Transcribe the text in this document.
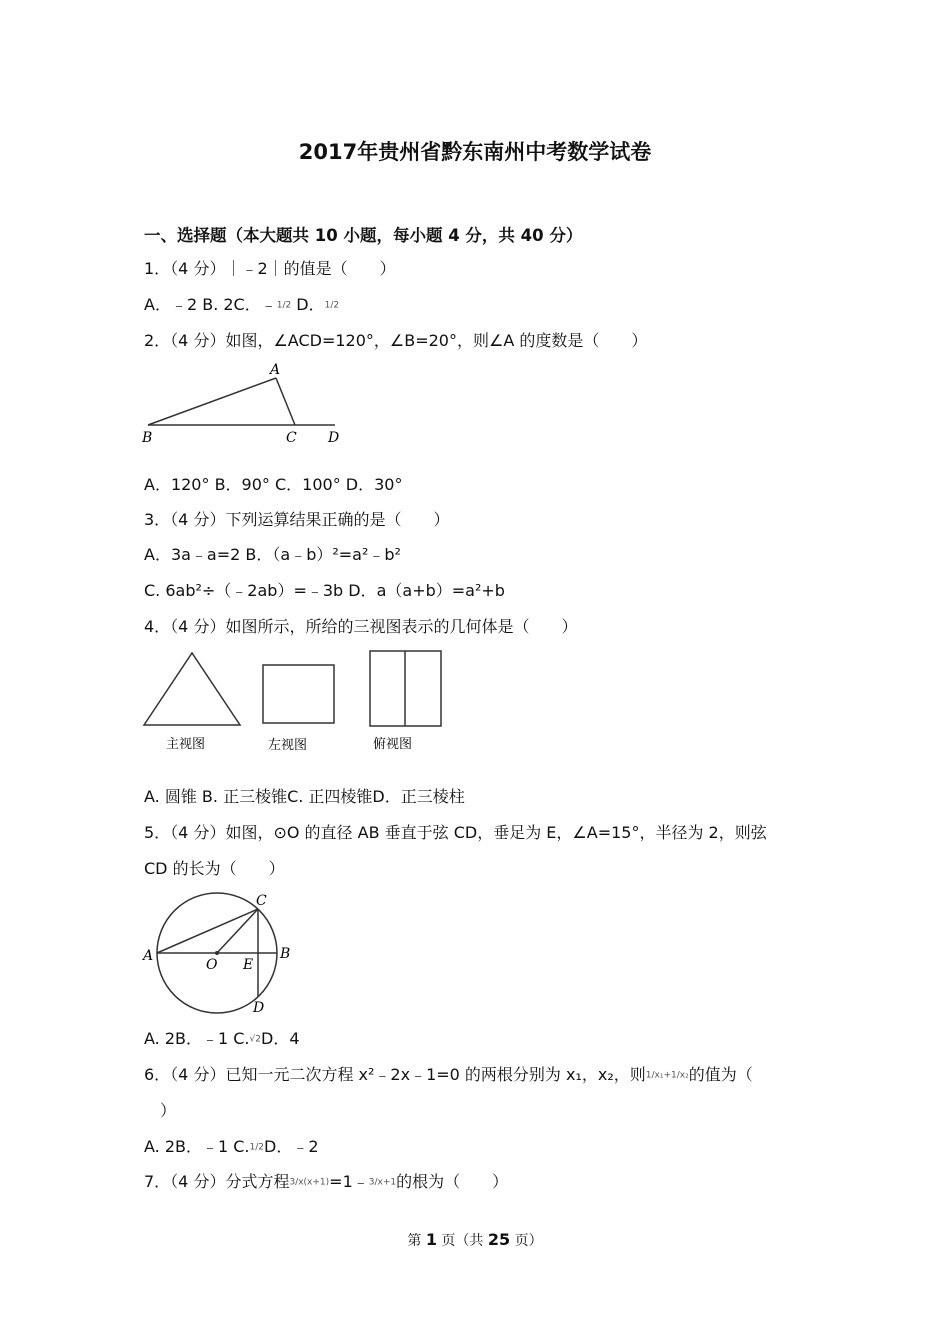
2017年贵州省黔东南州中考数学试卷
一、选择题（本大题共 10 小题，每小题 4 分，共 40 分）
1．（4 分）｜﹣2｜的值是（　　）
A．﹣2 B. 2C．﹣1/2 D．1/2
2．（4 分）如图，∠ACD=120°，∠B=20°，则∠A 的度数是（　　）
A
B	C D
A．120° B．90° C．100° D．30°
3．（4 分）下列运算结果正确的是（　　）
A．3a﹣a=2 B．（a﹣b）²=a²﹣b²
C. 6ab²÷（﹣2ab）=﹣3b D．a（a+b）=a²+b
4．（4 分）如图所示，所给的三视图表示的几何体是（　　）
主视图	左视图	俯视图
A. 圆锥 B. 正三棱锥C. 正四棱锥D．正三棱柱
5．（4 分）如图，⊙O 的直径 AB 垂直于弦 CD，垂足为 E，∠A=15°，半径为 2，则弦
CD 的长为（　　）
A	B
C
D
O E
A. 2B．﹣1 C.√2D．4
6．（4 分）已知一元二次方程 x²﹣2x﹣1=0 的两根分别为 x₁，x₂，则1/x₁+1/x₂的值为（
）
A. 2B．﹣1 C.1/2D．﹣2
7．（4 分）分式方程3/x(x+1)=1﹣3/x+1的根为（　　）
第 1 页（共 25 页）
